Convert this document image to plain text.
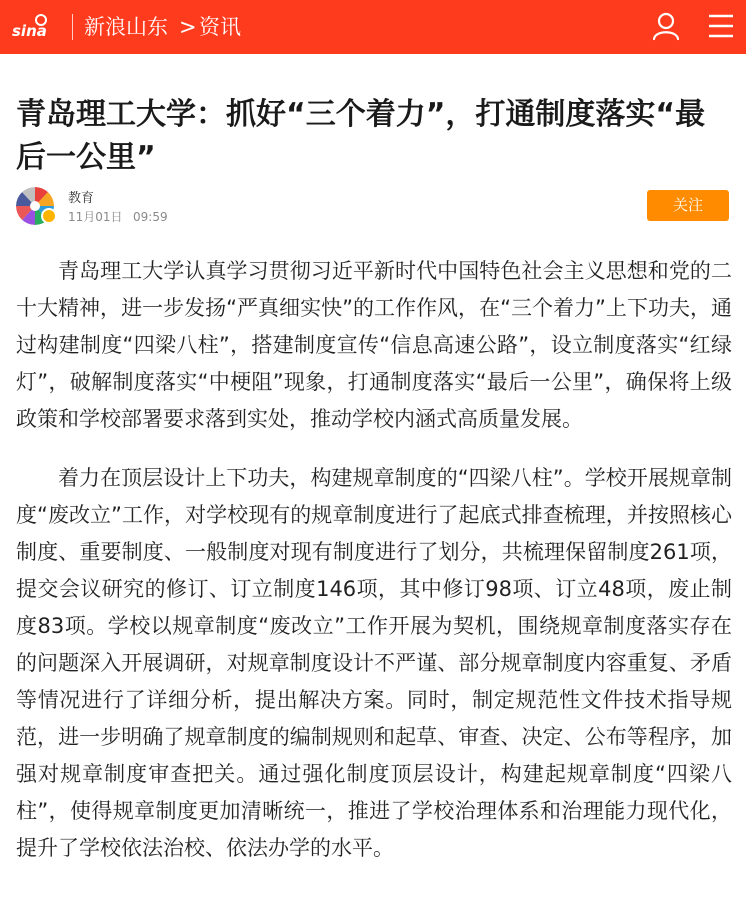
sina 新浪山东 > 资讯
青岛理工大学：抓好“三个着力”，打通制度落实“最后一公里”
教育
11月01日 09:59
关注

青岛理工大学认真学习贯彻习近平新时代中国特色社会主义思想和党的二十大精神，进一步发扬“严真细实快”的工作作风，在“三个着力”上下功夫，通过构建制度“四梁八柱”，搭建制度宣传“信息高速公路”，设立制度落实“红绿灯”，破解制度落实“中梗阻”现象，打通制度落实“最后一公里”，确保将上级政策和学校部署要求落到实处，推动学校内涵式高质量发展。

着力在顶层设计上下功夫，构建规章制度的“四梁八柱”。学校开展规章制度“废改立”工作，对学校现有的规章制度进行了起底式排查梳理，并按照核心制度、重要制度、一般制度对现有制度进行了划分，共梳理保留制度261项，提交会议研究的修订、订立制度146项，其中修订98项、订立48项，废止制度83项。学校以规章制度“废改立”工作开展为契机，围绕规章制度落实存在的问题深入开展调研，对规章制度设计不严谨、部分规章制度内容重复、矛盾等情况进行了详细分析，提出解决方案。同时，制定规范性文件技术指导规范，进一步明确了规章制度的编制规则和起草、审查、决定、公布等程序，加强对规章制度审查把关。通过强化制度顶层设计，构建起规章制度“四梁八柱”，使得规章制度更加清晰统一，推进了学校治理体系和治理能力现代化，提升了学校依法治校、依法办学的水平。
